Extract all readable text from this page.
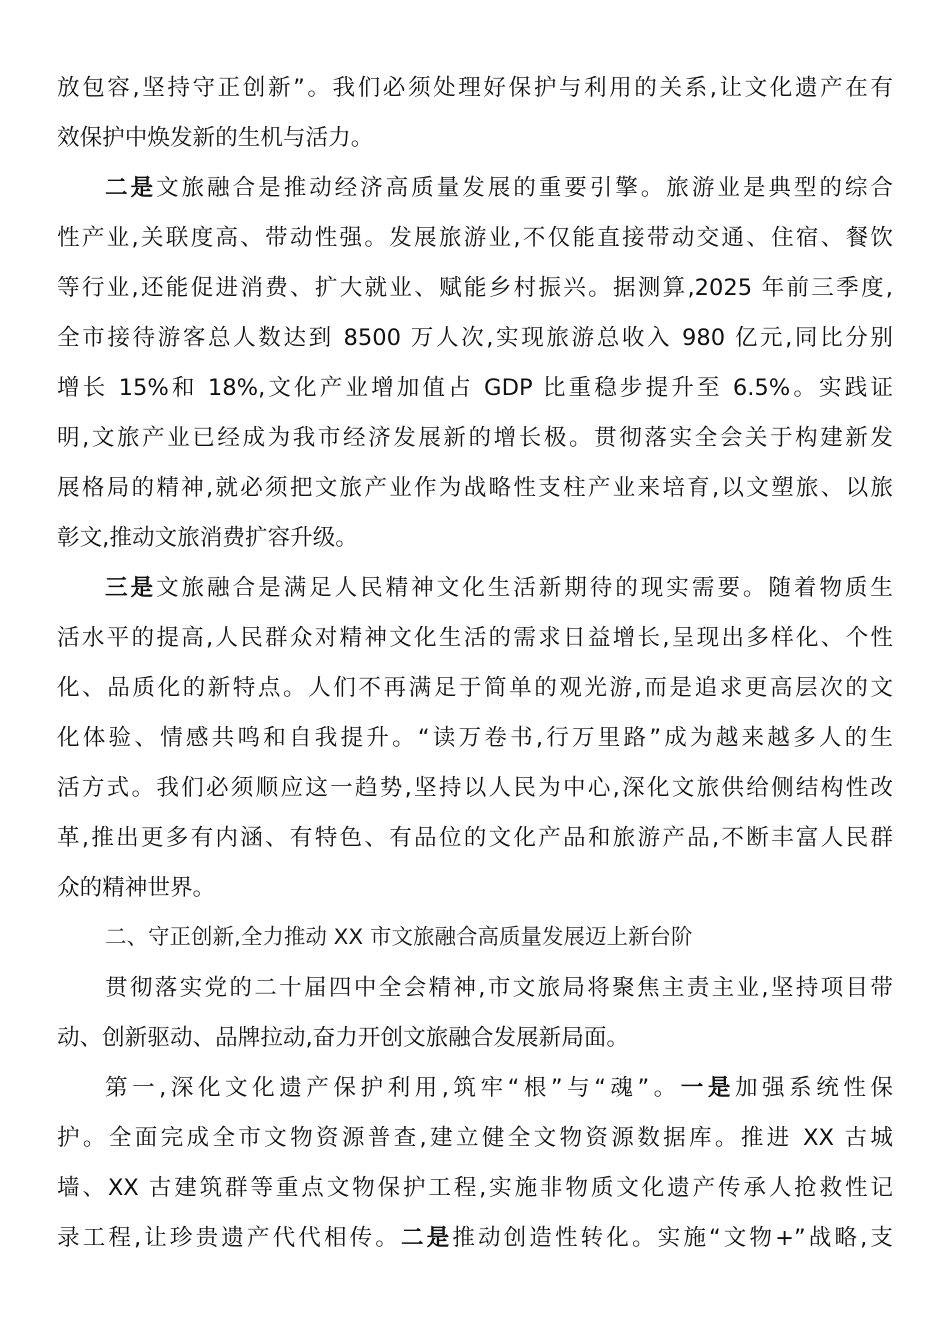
放包容,坚持守正创新”。我们必须处理好保护与利用的关系,让文化遗产在有
效保护中焕发新的生机与活力。
二是文旅融合是推动经济高质量发展的重要引擎。旅游业是典型的综合
性产业,关联度高、带动性强。发展旅游业,不仅能直接带动交通、住宿、餐饮
等行业,还能促进消费、扩大就业、赋能乡村振兴。据测算,2025 年前三季度,
全市接待游客总人数达到 8500 万人次,实现旅游总收入 980 亿元,同比分别
增长 15%和 18%,文化产业增加值占 GDP 比重稳步提升至 6.5%。实践证
明,文旅产业已经成为我市经济发展新的增长极。贯彻落实全会关于构建新发
展格局的精神,就必须把文旅产业作为战略性支柱产业来培育,以文塑旅、以旅
彰文,推动文旅消费扩容升级。
三是文旅融合是满足人民精神文化生活新期待的现实需要。随着物质生
活水平的提高,人民群众对精神文化生活的需求日益增长,呈现出多样化、个性
化、品质化的新特点。人们不再满足于简单的观光游,而是追求更高层次的文
化体验、情感共鸣和自我提升。“读万卷书,行万里路”成为越来越多人的生
活方式。我们必须顺应这一趋势,坚持以人民为中心,深化文旅供给侧结构性改
革,推出更多有内涵、有特色、有品位的文化产品和旅游产品,不断丰富人民群
众的精神世界。
二、守正创新,全力推动 XX 市文旅融合高质量发展迈上新台阶
贯彻落实党的二十届四中全会精神,市文旅局将聚焦主责主业,坚持项目带
动、创新驱动、品牌拉动,奋力开创文旅融合发展新局面。
第一,深化文化遗产保护利用,筑牢“根”与“魂”。一是加强系统性保
护。全面完成全市文物资源普查,建立健全文物资源数据库。推进 XX 古城
墙、XX 古建筑群等重点文物保护工程,实施非物质文化遗产传承人抢救性记
录工程,让珍贵遗产代代相传。二是推动创造性转化。实施“文物+”战略,支
